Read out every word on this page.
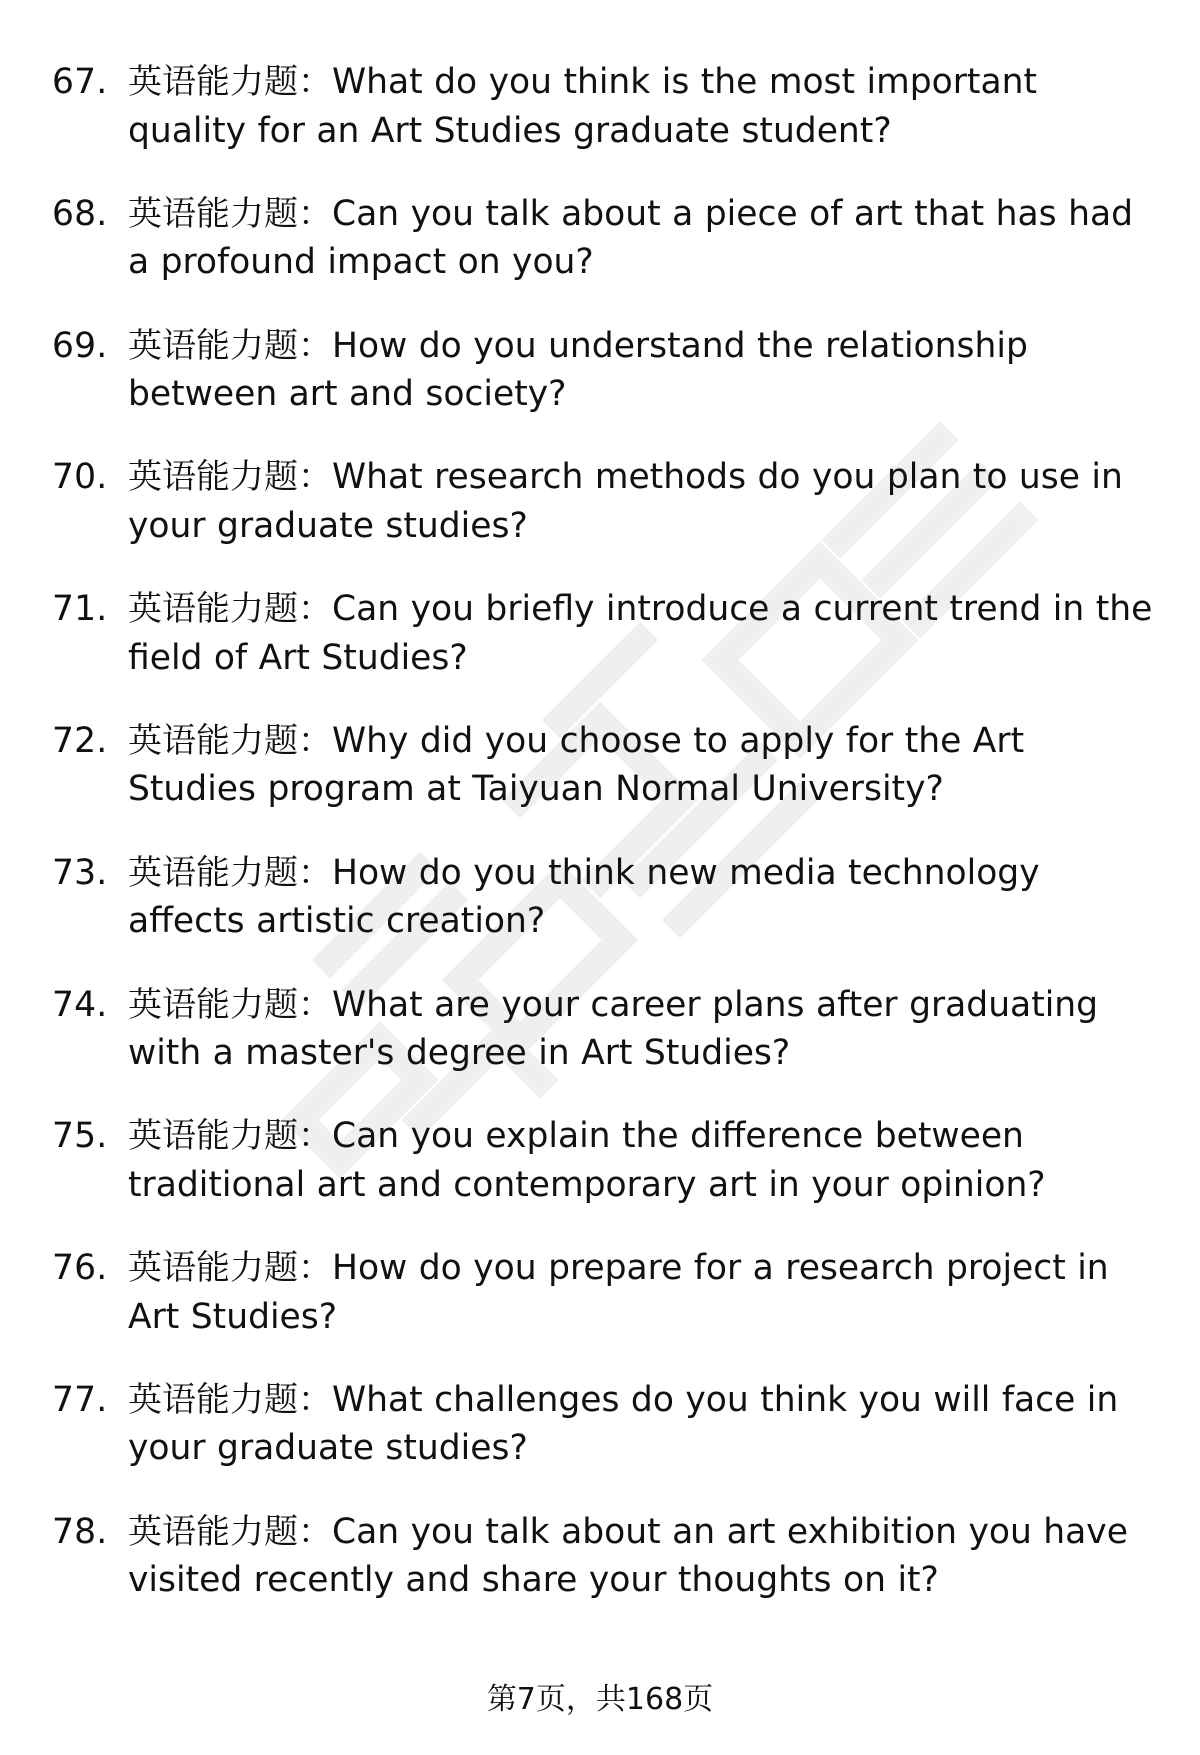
67. 英语能力题：What do you think is the most important quality for an Art Studies graduate student?
68. 英语能力题：Can you talk about a piece of art that has had a profound impact on you?
69. 英语能力题：How do you understand the relationship between art and society?
70. 英语能力题：What research methods do you plan to use in your graduate studies?
71. 英语能力题：Can you briefly introduce a current trend in the field of Art Studies?
72. 英语能力题：Why did you choose to apply for the Art Studies program at Taiyuan Normal University?
73. 英语能力题：How do you think new media technology affects artistic creation?
74. 英语能力题：What are your career plans after graduating with a master's degree in Art Studies?
75. 英语能力题：Can you explain the difference between traditional art and contemporary art in your opinion?
76. 英语能力题：How do you prepare for a research project in Art Studies?
77. 英语能力题：What challenges do you think you will face in your graduate studies?
78. 英语能力题：Can you talk about an art exhibition you have visited recently and share your thoughts on it?
第7页，共168页
